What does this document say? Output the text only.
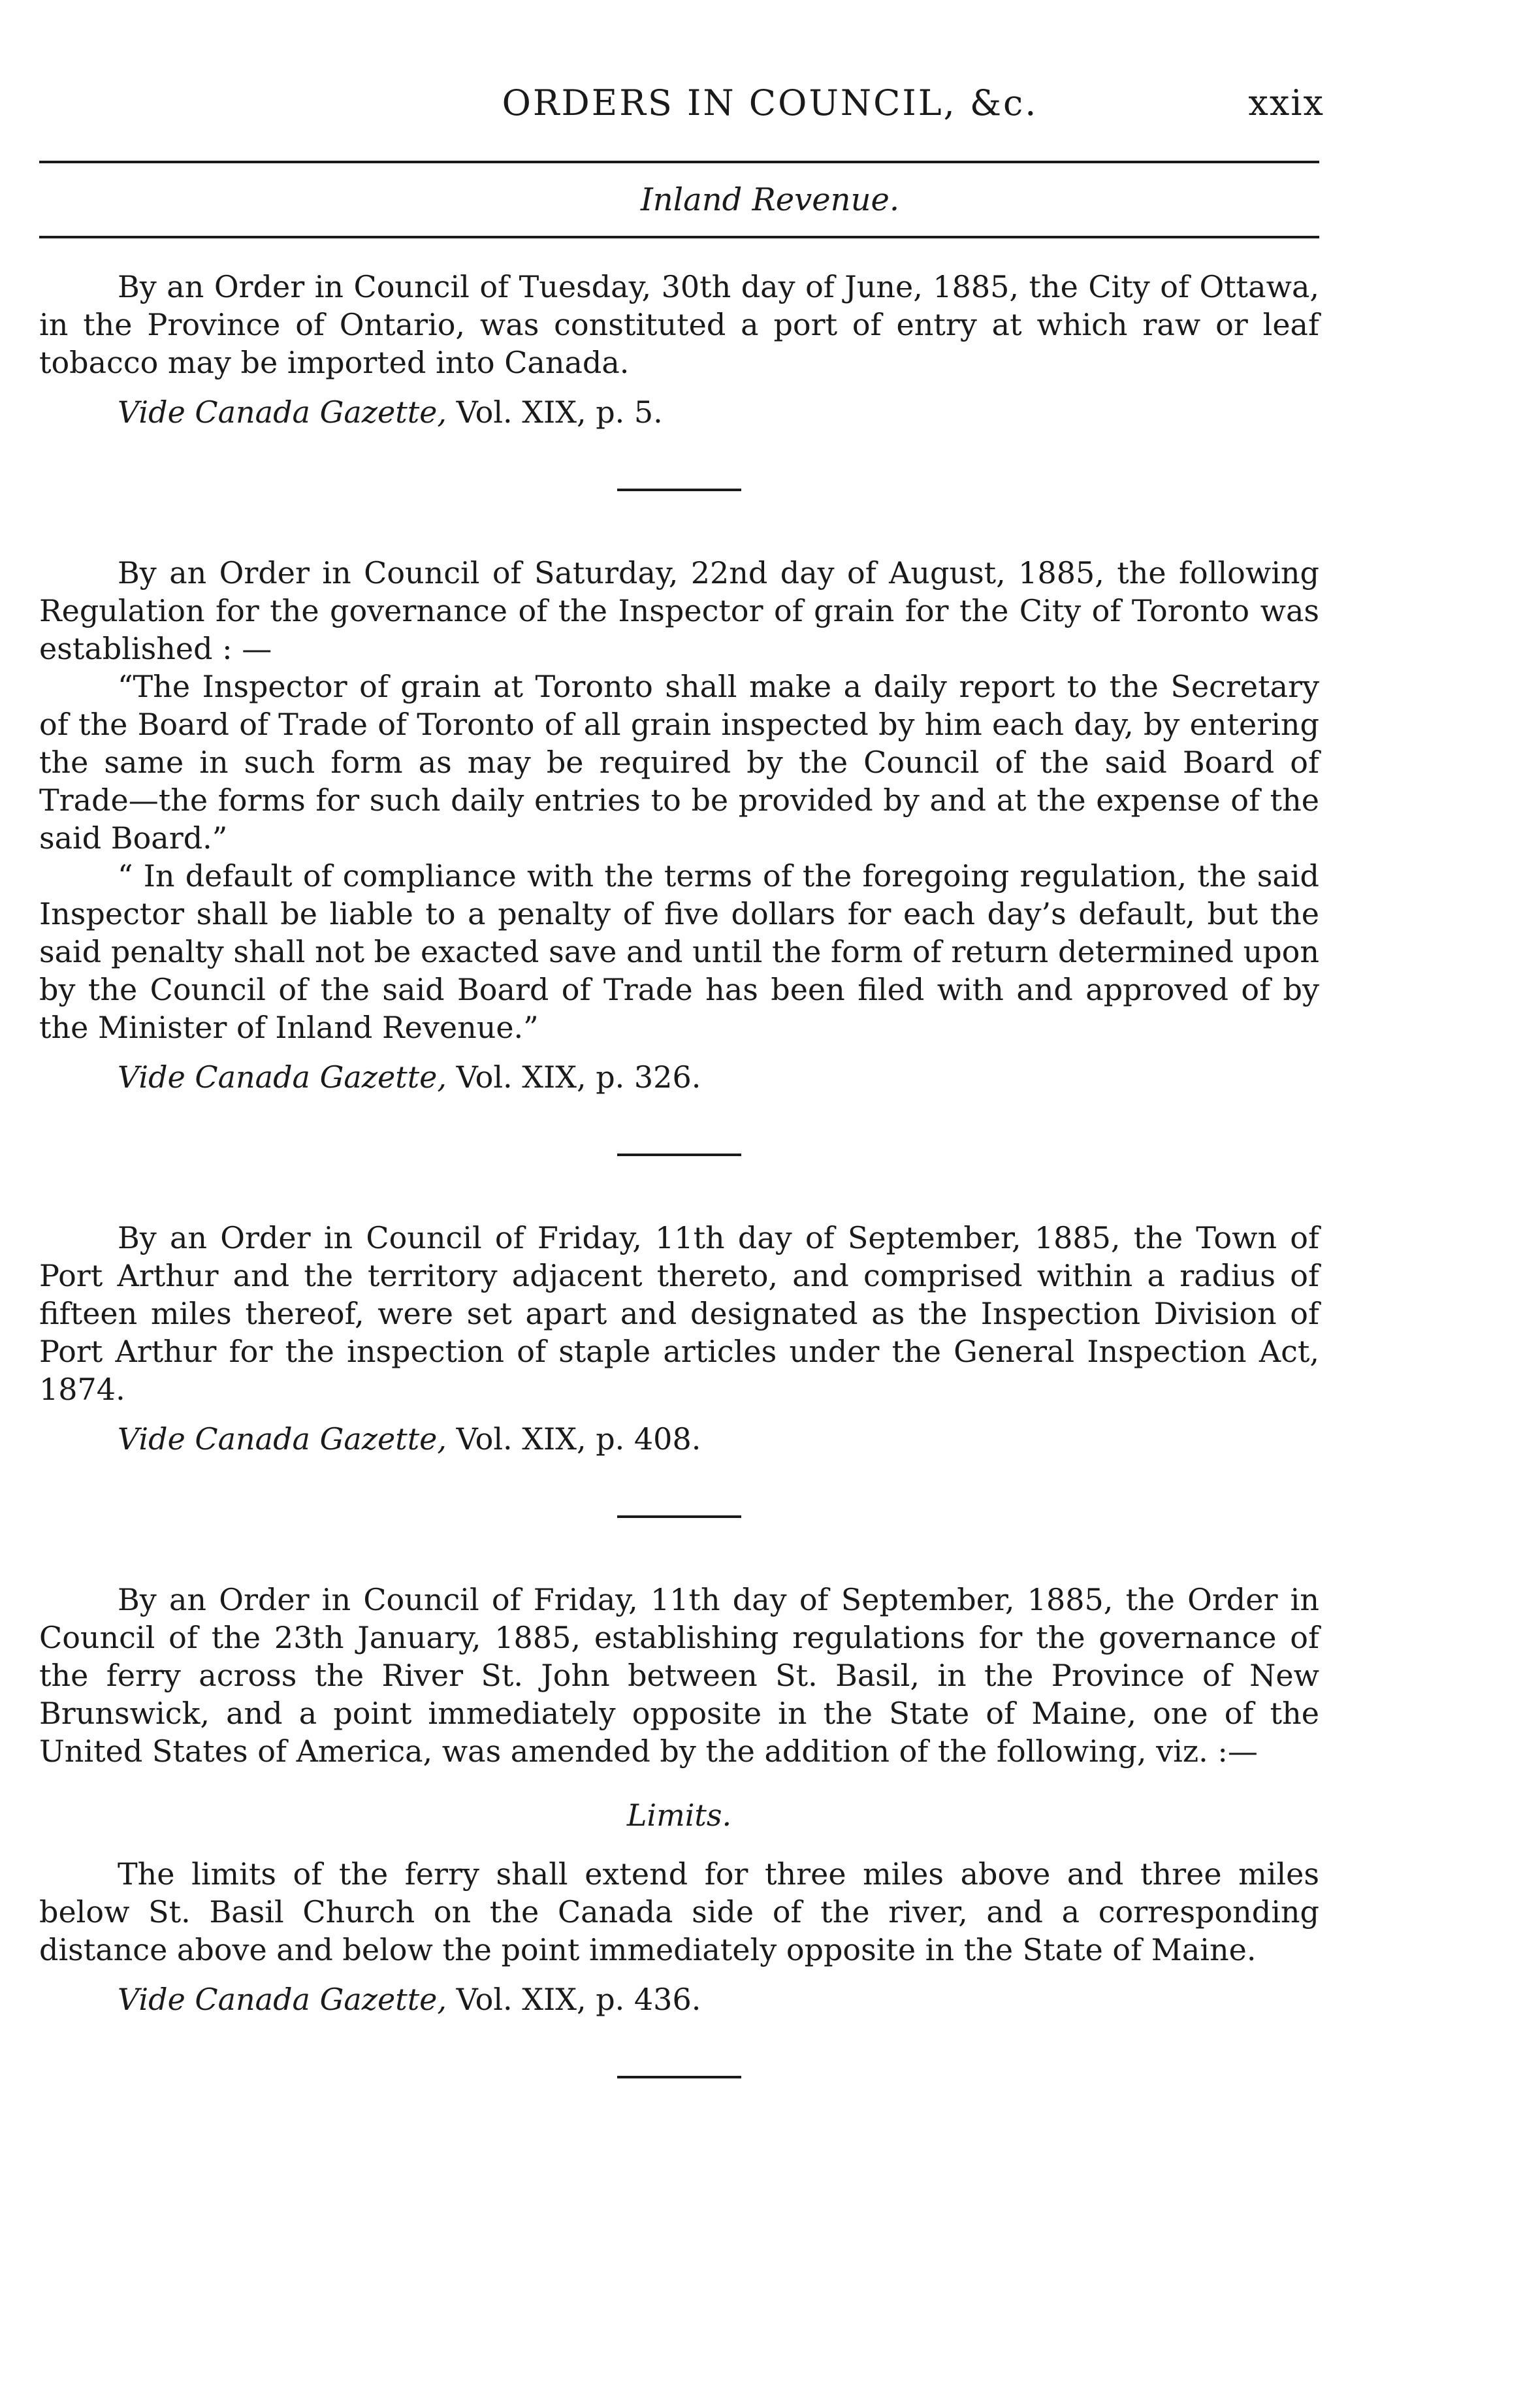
ORDERS IN COUNCIL, &c.	xxix
Inland Revenue.

By an Order in Council of Tuesday, 30th day of June, 1885, the City of Ottawa, in the Province of Ontario, was constituted a port of entry at which raw or leaf tobacco may be imported into Canada.

Vide Canada Gazette, Vol. XIX, p. 5.

By an Order in Council of Saturday, 22nd day of August, 1885, the following Regulation for the governance of the Inspector of grain for the City of Toronto was established : —

“The Inspector of grain at Toronto shall make a daily report to the Secretary of the Board of Trade of Toronto of all grain inspected by him each day, by entering the same in such form as may be required by the Council of the said Board of Trade—the forms for such daily entries to be provided by and at the expense of the said Board.”

“ In default of compliance with the terms of the foregoing regulation, the said Inspector shall be liable to a penalty of five dollars for each day’s default, but the said penalty shall not be exacted save and until the form of return determined upon by the Council of the said Board of Trade has been filed with and approved of by the Minister of Inland Revenue.”

Vide Canada Gazette, Vol. XIX, p. 326.

By an Order in Council of Friday, 11th day of September, 1885, the Town of Port Arthur and the territory adjacent thereto, and comprised within a radius of fifteen miles thereof, were set apart and designated as the Inspection Division of Port Arthur for the inspection of staple articles under the General Inspection Act, 1874.

Vide Canada Gazette, Vol. XIX, p. 408.

By an Order in Council of Friday, 11th day of September, 1885, the Order in Council of the 23th January, 1885, establishing regulations for the governance of the ferry across the River St. John between St. Basil, in the Province of New Brunswick, and a point immediately opposite in the State of Maine, one of the United States of America, was amended by the addition of the following, viz. :—

Limits.

The limits of the ferry shall extend for three miles above and three miles below St. Basil Church on the Canada side of the river, and a corresponding distance above and below the point immediately opposite in the State of Maine.

Vide Canada Gazette, Vol. XIX, p. 436.
